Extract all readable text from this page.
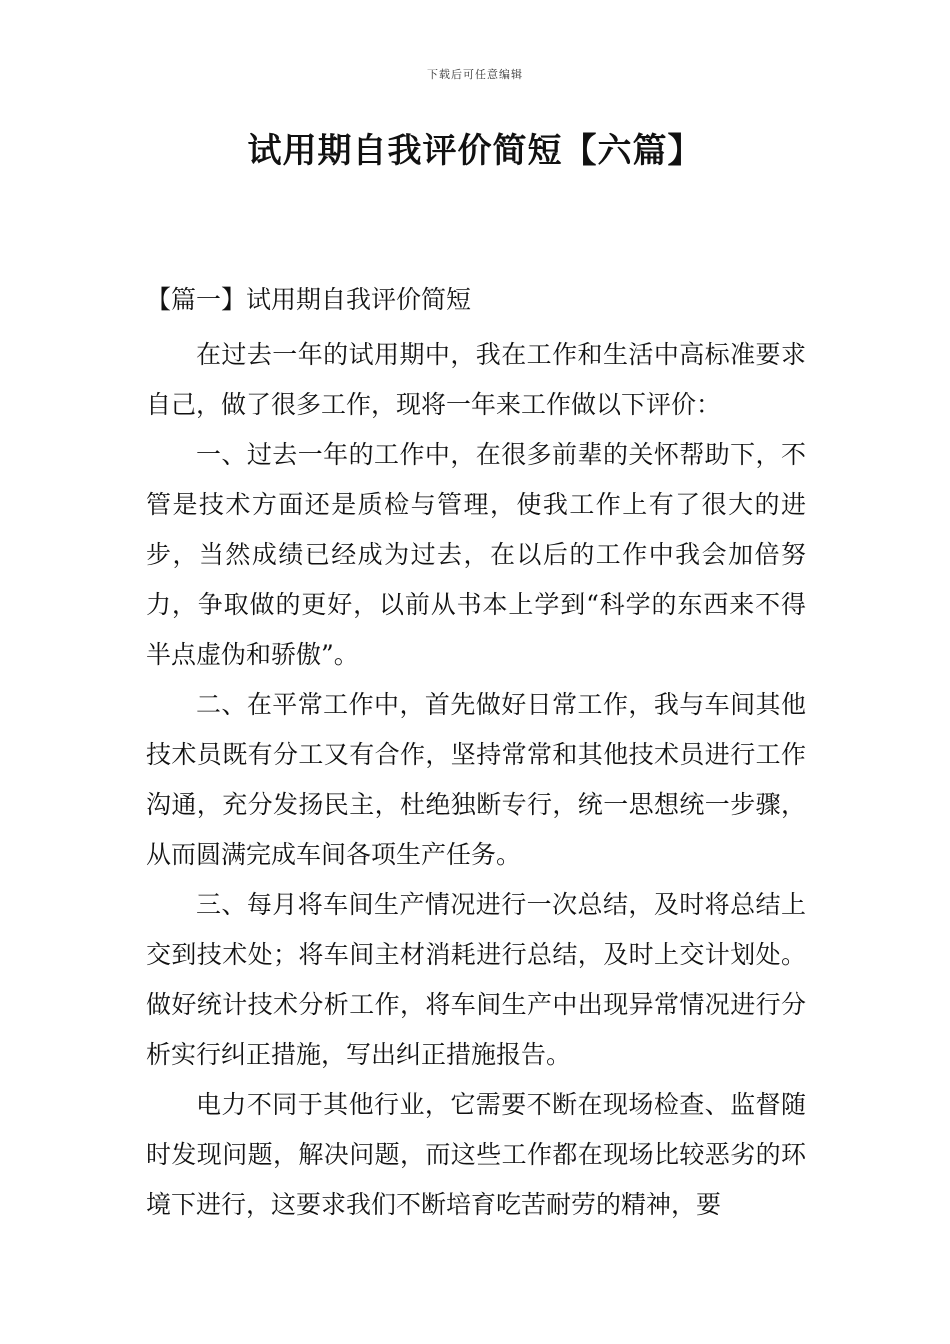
下载后可任意编辑
试用期自我评价简短【六篇】
【篇一】试用期自我评价简短

在过去一年的试用期中，我在工作和生活中高标准要求自己，做了很多工作，现将一年来工作做以下评价：

一、过去一年的工作中，在很多前辈的关怀帮助下，不管是技术方面还是质检与管理，使我工作上有了很大的进步，当然成绩已经成为过去，在以后的工作中我会加倍努力，争取做的更好，以前从书本上学到“科学的东西来不得半点虚伪和骄傲”。

二、在平常工作中，首先做好日常工作，我与车间其他技术员既有分工又有合作，坚持常常和其他技术员进行工作沟通，充分发扬民主，杜绝独断专行，统一思想统一步骤，从而圆满完成车间各项生产任务。

三、每月将车间生产情况进行一次总结，及时将总结上交到技术处；将车间主材消耗进行总结，及时上交计划处。做好统计技术分析工作，将车间生产中出现异常情况进行分析实行纠正措施，写出纠正措施报告。

电力不同于其他行业，它需要不断在现场检查、监督随时发现问题，解决问题，而这些工作都在现场比较恶劣的环境下进行，这要求我们不断培育吃苦耐劳的精神，要
